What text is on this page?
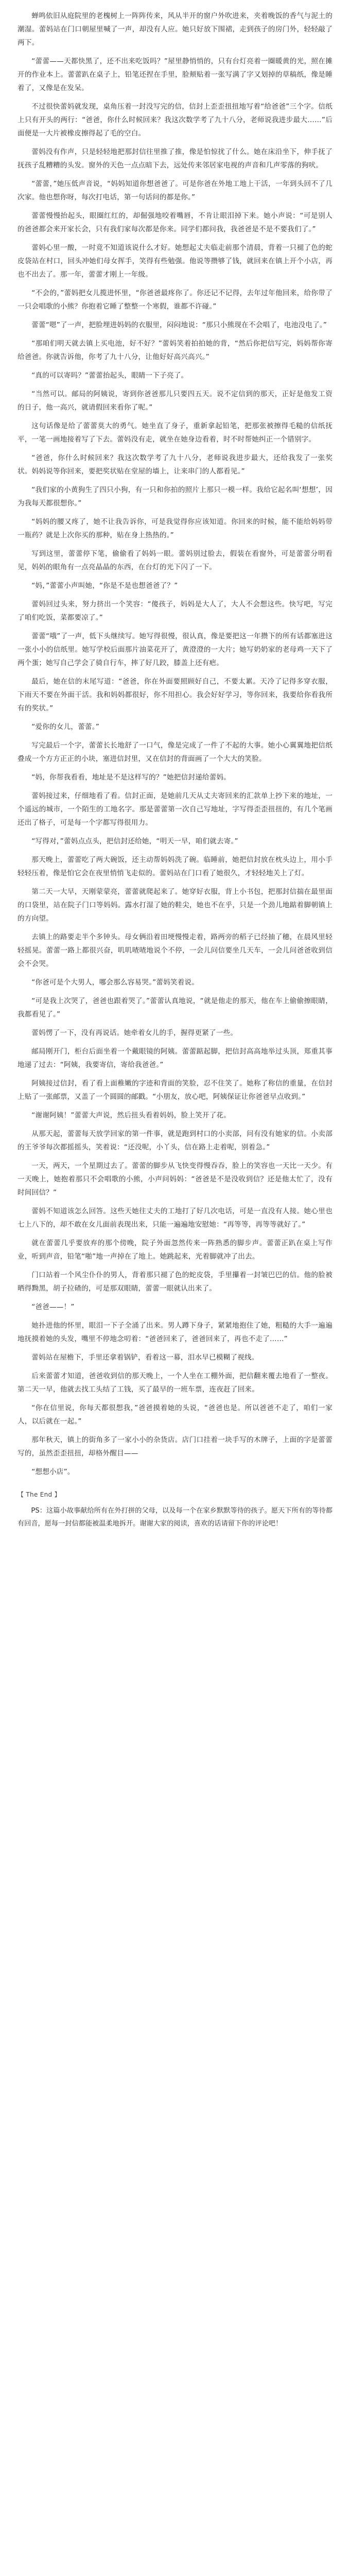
蝉鸣依旧从庭院里的老槐树上一阵阵传来，风从半开的窗户外吹进来，夹着晚饭的香气与泥土的潮湿。蕾妈站在门口朝屋里喊了一声，却没有人应。她只好放下围裙，走到孩子的房门外，轻轻敲了两下。

“蕾蕾——天都快黑了，还不出来吃饭吗？”屋里静悄悄的，只有台灯亮着一圈暖黄的光，照在摊开的作业本上。蕾蕾趴在桌子上，铅笔还捏在手里，脸颊贴着一张写满了字又划掉的草稿纸，像是睡着了，又像是在发呆。

不过很快蕾妈就发现，桌角压着一封没写完的信，信封上歪歪扭扭地写着“给爸爸”三个字。信纸上只有开头的两行：“爸爸，你什么时候回来？我这次数学考了九十八分，老师说我进步最大……”后面便是一大片被橡皮擦得起了毛的空白。

蕾妈没有作声，只是轻轻地把那封信往里推了推，像是怕惊扰了什么。她在床沿坐下，伸手抚了抚孩子乱糟糟的头发。窗外的天色一点点暗下去，远处传来邻居家电视的声音和几声零落的狗吠。

“蕾蕾，”她压低声音说，“妈妈知道你想爸爸了。可是你爸在外地工地上干活，一年到头回不了几次家。他也想你呀，每次打电话，第一句话问的都是你。”

蕾蕾慢慢抬起头，眼圈红红的，却倔强地咬着嘴唇，不肯让眼泪掉下来。她小声说：“可是别人的爸爸都会来开家长会，只有我们家每次都是你来。同学们都问我，我爸爸是不是不要我们了。”

蕾妈心里一酸，一时竟不知道该说什么才好。她想起丈夫临走前那个清晨，背着一只褪了色的蛇皮袋站在村口，回头冲她们母女挥手，笑得有些勉强。他说等攒够了钱，就回来在镇上开个小店，再也不出去了。那一年，蕾蕾才刚上一年级。

“不会的，”蕾妈把女儿揽进怀里，“你爸爸最疼你了。你还记不记得，去年过年他回来，给你带了一只会唱歌的小熊？你抱着它睡了整整一个寒假，谁都不许碰。”

蕾蕾“嗯”了一声，把脸埋进妈妈的衣服里，闷闷地说：“那只小熊现在不会唱了，电池没电了。”

“那咱们明天就去镇上买电池，好不好？”蕾妈笑着拍拍她的背，“然后你把信写完，妈妈帮你寄给爸爸。你就告诉他，你考了九十八分，让他好好高兴高兴。”

“真的可以寄吗？”蕾蕾抬起头，眼睛一下子亮了。

“当然可以。邮局的阿姨说，寄到你爸爸那儿只要四五天。说不定信到的那天，正好是他发工资的日子，他一高兴，就请假回来看你了呢。”

这句话像是给了蕾蕾莫大的勇气。她坐直了身子，重新拿起铅笔，把那张被擦得毛糙的信纸抚平，一笔一画地接着写了下去。蕾妈没有走，就坐在她身边看着，时不时帮她纠正一个错别字。

“爸爸，你什么时候回来？我这次数学考了九十八分，老师说我进步最大，还给我发了一张奖状。妈妈说等你回来，要把奖状贴在堂屋的墙上，让来串门的人都看见。”

“我们家的小黄狗生了四只小狗，有一只和你拍的照片上那只一模一样。我给它起名叫‘想想’，因为我每天都很想你。”

“妈妈的腰又疼了，她不让我告诉你，可是我觉得你应该知道。你回来的时候，能不能给妈妈带一瓶药？就是上次你买的那种，贴在身上热热的。”

写到这里，蕾蕾停下笔，偷偷看了妈妈一眼。蕾妈别过脸去，假装在看窗外，可是蕾蕾分明看见，妈妈的眼角有一点亮晶晶的东西，在台灯的光下闪了一下。

“妈，”蕾蕾小声叫她，“你是不是也想爸爸了？”

蕾妈回过头来，努力挤出一个笑容：“傻孩子，妈妈是大人了，大人不会想这些。快写吧，写完了咱们吃饭，菜都要凉了。”

蕾蕾“哦”了一声，低下头继续写。她写得很慢，很认真，像是要把这一年攒下的所有话都塞进这一张小小的信纸里。她写学校后面那片油菜花开了，黄澄澄的一大片；她写奶奶家的老母鸡一天下了两个蛋；她写自己学会了骑自行车，摔了好几跤，膝盖上还有疤。

最后，她在信的末尾写道：“爸爸，你在外面要照顾好自己，不要太累。天冷了记得多穿衣服，下雨天不要在外面干活。我和妈妈都很好，你不用担心。我会好好学习，等你回来，我要给你看我所有的奖状。”

“爱你的女儿，蕾蕾。”

写完最后一个字，蕾蕾长长地舒了一口气，像是完成了一件了不起的大事。她小心翼翼地把信纸叠成一个方方正正的小块，塞进信封里，又在信封的背面画了一个大大的笑脸。

“妈，你帮我看看，地址是不是这样写的？”她把信封递给蕾妈。

蕾妈接过来，仔细地看了看。信封正面，是她前几天从丈夫寄回来的汇款单上抄下来的地址，一个遥远的城市，一个陌生的工地名字。那是蕾蕾第一次自己写地址，字写得歪歪扭扭的，有几个笔画还出了格子，可是每一个字都写得很用力。

“写得对，”蕾妈点点头，把信封还给她，“明天一早，咱们就去寄。”

那天晚上，蕾蕾吃了两大碗饭，还主动帮妈妈洗了碗。临睡前，她把信封放在枕头边上，用小手轻轻压着，像是怕它会在夜里悄悄飞走似的。蕾妈站在门口看了她很久，才轻轻地关上了灯。

第二天一大早，天刚蒙蒙亮，蕾蕾就爬起来了。她穿好衣服，背上小书包，把那封信揣在最里面的口袋里，站在院子门口等妈妈。露水打湿了她的鞋尖，她也不在乎，只是一个劲儿地踮着脚朝镇上的方向望。

去镇上的路要走半个多钟头。母女俩沿着田埂慢慢走着，路两旁的稻子已经抽了穗，在晨风里轻轻摇晃。蕾蕾一路上都很兴奋，叽叽喳喳地说个不停，一会儿问信要坐几天车，一会儿问爸爸收到信会不会哭。

“你爸可是个大男人，哪会那么容易哭。”蕾妈笑着说。

“可是我上次哭了，爸爸也跟着哭了。”蕾蕾认真地说，“就是他走的那天，他在车上偷偷擦眼睛，我都看见了。”

蕾妈愣了一下，没有再说话。她牵着女儿的手，握得更紧了一些。

邮局刚开门，柜台后面坐着一个戴眼镜的阿姨。蕾蕾踮起脚，把信封高高地举过头顶，郑重其事地递了过去：“阿姨，我要寄信，寄给我爸爸。”

阿姨接过信封，看了看上面稚嫩的字迹和背面的笑脸，忍不住笑了。她称了称信的重量，在信封上贴了一张邮票，又盖了一个圆圆的邮戳。“小朋友，放心吧，阿姨保证让你爸爸早点收到。”

“谢谢阿姨！”蕾蕾大声说，然后扭头看着妈妈，脸上笑开了花。

从那天起，蕾蕾每天放学回家的第一件事，就是跑到村口的小卖部，问有没有她家的信。小卖部的王爷爷每次都摇摇头，笑着说：“还没呢，小丫头，信在路上走着呢，别着急。”

一天，两天，一个星期过去了。蕾蕾的脚步从飞快变得慢吞吞，脸上的笑容也一天比一天少。有一天晚上，她抱着那只不会唱歌的小熊，小声问妈妈：“爸爸是不是没收到信？还是他太忙了，没有时间回信？”

蕾妈不知道该怎么回答。这些天她往丈夫的工地打了好几次电话，可是一直没有人接。她心里也七上八下的，却不敢在女儿面前表现出来，只能一遍遍地安慰她：“再等等，再等等就好了。”

就在蕾蕾几乎要放弃的那个傍晚，院子外面忽然传来一阵熟悉的脚步声。蕾蕾正趴在桌上写作业，听到声音，铅笔“啪”地一声掉在了地上。她跳起来，光着脚就冲了出去。

门口站着一个风尘仆仆的男人，背着那只褪了色的蛇皮袋，手里攥着一封皱巴巴的信。他的脸被晒得黝黑，胡子拉碴的，可是那双眼睛，蕾蕾一眼就认出来了。

“爸爸——！”

她扑进他的怀里，眼泪一下子全涌了出来。男人蹲下身子，紧紧地抱住了她，粗糙的大手一遍遍地抚摸着她的头发，嘴里不停地念叨着：“爸爸回来了，爸爸回来了，再也不走了……”

蕾妈站在屋檐下，手里还拿着锅铲，看着这一幕，泪水早已模糊了视线。

后来蕾蕾才知道，爸爸收到信的那天晚上，一个人坐在工棚外面，把信翻来覆去地看了一整夜。第二天一早，他就去找工头结了工钱，买了最早的一班车票，连夜赶了回来。

“你在信里说，你每天都很想我，”爸爸摸着她的头说，“爸爸也是。所以爸爸不走了，咱们一家人，以后就在一起。”

那年秋天，镇上的街角多了一家小小的杂货店。店门口挂着一块手写的木牌子，上面的字是蕾蕾写的，虽然歪歪扭扭，却格外醒目——

“想想小店”。

【 The End 】

PS：这篇小故事献给所有在外打拼的父母，以及每一个在家乡默默等待的孩子。愿天下所有的等待都有回音，愿每一封信都能被温柔地拆开。谢谢大家的阅读，喜欢的话请留下你的评论吧！
